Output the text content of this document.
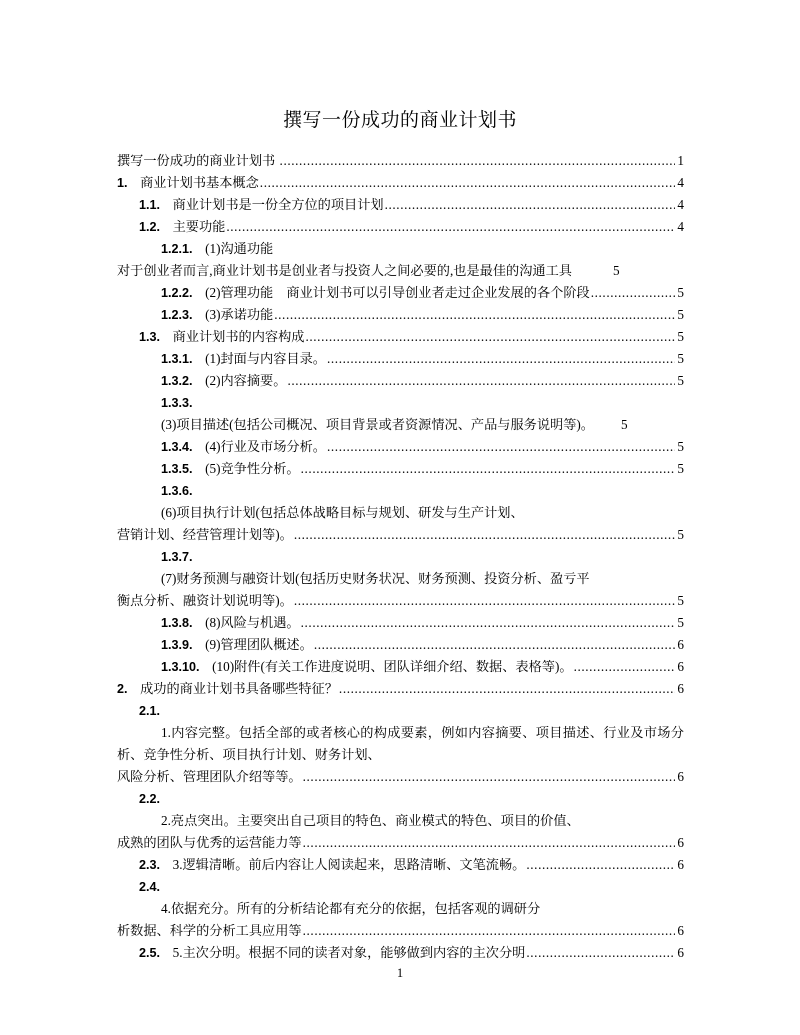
撰写一份成功的商业计划书
撰写一份成功的商业计划书 .....	1
1.  商业计划书基本概念 .....	4
1.1.  商业计划书是一份全方位的项目计划 .....	4
1.2.  主要功能 .....	4
1.2.1. (1)沟通功能
对于创业者而言,商业计划书是创业者与投资人之间必要的,也是最佳的沟通工具	5
1.2.2.  (2)管理功能 商业计划书可以引导创业者走过企业发展的各个阶段 .....	5
1.2.3.  (3)承诺功能 .....	5
1.3.  商业计划书的内容构成 .....	5
1.3.1.  (1)封面与内容目录。 .....	5
1.3.2.  (2)内容摘要。 .....	5
1.3.3. 
(3)项目描述(包括公司概况、项目背景或者资源情况、产品与服务说明等)。 5
1.3.4.  (4)行业及市场分析。 .....	5
1.3.5.  (5)竞争性分析。 .....	5
1.3.6. 
(6)项目执行计划(包括总体战略目标与规划、研发与生产计划、
营销计划、经营管理计划等)。 .....	5
1.3.7. 
(7)财务预测与融资计划(包括历史财务状况、财务预测、投资分析、盈亏平
衡点分析、融资计划说明等)。 .....	5
1.3.8.  (8)风险与机遇。 .....	5
1.3.9.  (9)管理团队概述。 .....	6
1.3.10.  (10)附件(有关工作进度说明、团队详细介绍、数据、表格等)。 .....	6
2.  成功的商业计划书具备哪些特征？ .....	6
2.1. 
1.内容完整。包括全部的或者核心的构成要素，例如内容摘要、项目描述、行业及市场分析、竞争性分析、项目执行计划、财务计划、
风险分析、管理团队介绍等等。 .....	6
2.2. 
2.亮点突出。主要突出自己项目的特色、商业模式的特色、项目的价值、
成熟的团队与优秀的运营能力等 .....	6
2.3.  3.逻辑清晰。前后内容让人阅读起来，思路清晰、文笔流畅。 .....	6
2.4. 
4.依据充分。所有的分析结论都有充分的依据，包括客观的调研分
析数据、科学的分析工具应用等 .....	6
2.5.  5.主次分明。根据不同的读者对象，能够做到内容的主次分明 .....	6
1
